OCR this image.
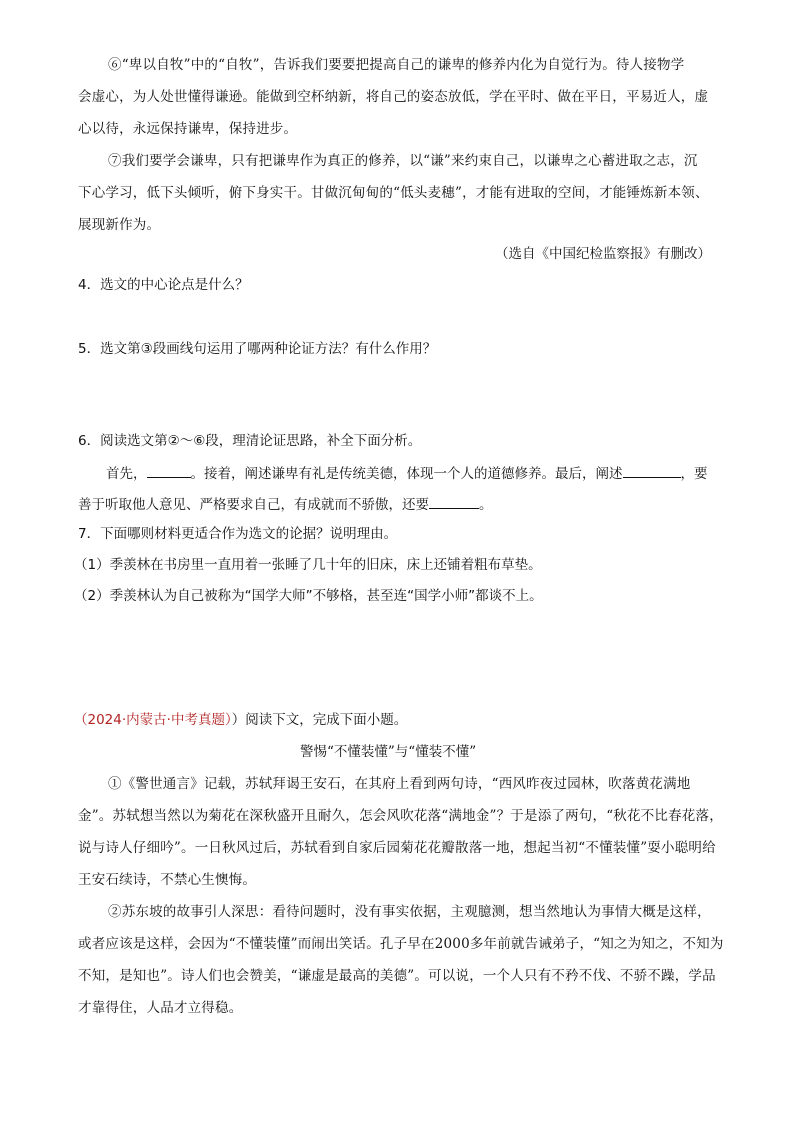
⑥“卑以自牧”中的“自牧”，告诉我们要要把提高自己的谦卑的修养内化为自觉行为。待人接物学
会虚心，为人处世懂得谦逊。能做到空杯纳新，将自己的姿态放低，学在平时、做在平日，平易近人，虚
心以待，永远保持谦卑，保持进步。
⑦我们要学会谦卑，只有把谦卑作为真正的修养，以“谦”来约束自己，以谦卑之心蓄进取之志，沉
下心学习，低下头倾听，俯下身实干。甘做沉甸甸的“低头麦穗”，才能有进取的空间，才能锤炼新本领、
展现新作为。
（选自《中国纪检监察报》有删改）
4．选文的中心论点是什么？
5．选文第③段画线句运用了哪两种论证方法？有什么作用？
6．阅读选文第②～⑥段，理清论证思路，补全下面分析。
首先，	。接着，阐述谦卑有礼是传统美德，体现一个人的道德修养。最后，阐述	，要
善于听取他人意见、严格要求自己，有成就而不骄傲，还要	。
7．下面哪则材料更适合作为选文的论据？说明理由。
（1）季羡林在书房里一直用着一张睡了几十年的旧床，床上还铺着粗布草垫。
（2）季羡林认为自己被称为“国学大师”不够格，甚至连“国学小师”都谈不上。
（2024·内蒙古·中考真题））阅读下文，完成下面小题。
警惕“不懂装懂”与“懂装不懂”
①《警世通言》记载，苏轼拜谒王安石，在其府上看到两句诗，“西风昨夜过园林，吹落黄花满地
金”。苏轼想当然以为菊花在深秋盛开且耐久，怎会风吹花落“满地金”？于是添了两句，“秋花不比春花落，
说与诗人仔细吟”。一日秋风过后，苏轼看到自家后园菊花花瓣散落一地，想起当初“不懂装懂”耍小聪明给
王安石续诗，不禁心生懊悔。
②苏东坡的故事引人深思：看待问题时，没有事实依据，主观臆测，想当然地认为事情大概是这样，
或者应该是这样，会因为“不懂装懂”而闹出笑话。孔子早在2000多年前就告诫弟子，“知之为知之，不知为
不知，是知也”。诗人们也会赞美，“谦虚是最高的美德”。可以说，一个人只有不矜不伐、不骄不躁，学品
才靠得住，人品才立得稳。
